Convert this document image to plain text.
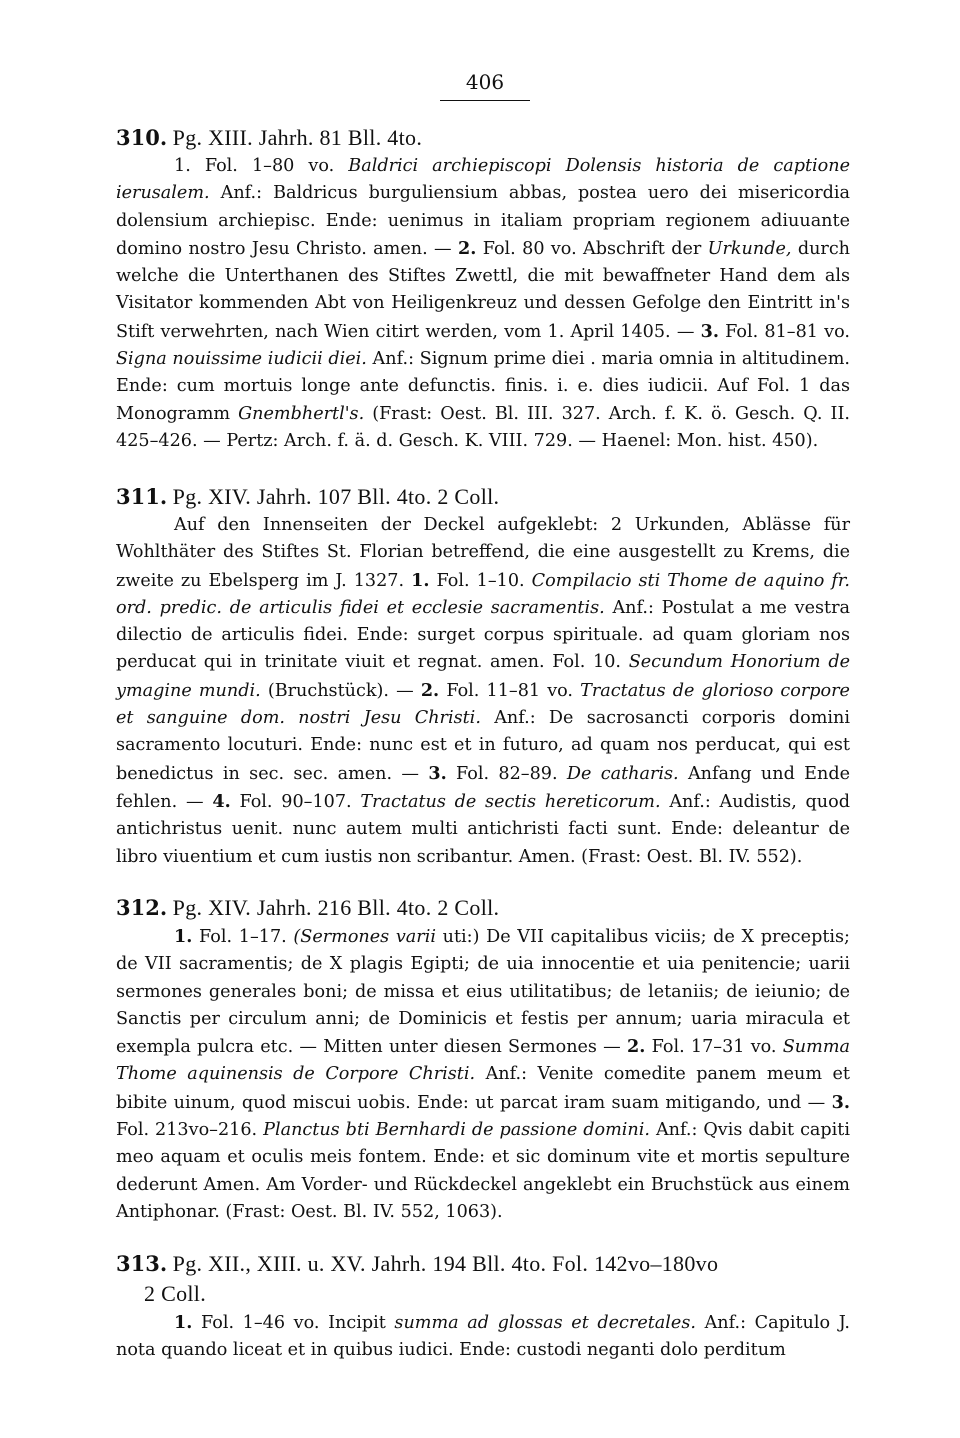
406

310. Pg. XIII. Jahrh. 81 Bll. 4to.

1. Fol. 1–80 vo. Baldrici archiepiscopi Dolensis historia de captione ierusalem. Anf.: Baldricus burguliensium abbas, postea uero dei misericordia dolensium archiepisc. Ende: uenimus in italiam propriam regionem adiuuante domino nostro Jesu Christo. amen. — 2. Fol. 80 vo. Abschrift der Urkunde, durch welche die Unterthanen des Stiftes Zwettl, die mit bewaffneter Hand dem als Visitator kommenden Abt von Heiligenkreuz und dessen Gefolge den Eintritt in's Stift verwehrten, nach Wien citirt werden, vom 1. April 1405. — 3. Fol. 81–81 vo. Signa nouissime iudicii diei. Anf.: Signum prime diei . maria omnia in altitudinem. Ende: cum mortuis longe ante defunctis. finis. i. e. dies iudicii. Auf Fol. 1 das Monogramm Gnembhertl's. (Frast: Oest. Bl. III. 327. Arch. f. K. ö. Gesch. Q. II. 425–426. — Pertz: Arch. f. ä. d. Gesch. K. VIII. 729. — Haenel: Mon. hist. 450).

311. Pg. XIV. Jahrh. 107 Bll. 4to. 2 Coll.

Auf den Innenseiten der Deckel aufgeklebt: 2 Urkunden, Ablässe für Wohlthäter des Stiftes St. Florian betreffend, die eine ausgestellt zu Krems, die zweite zu Ebelsperg im J. 1327. 1. Fol. 1–10. Compilacio sti Thome de aquino fr. ord. predic. de articulis fidei et ecclesie sacramentis. Anf.: Postulat a me vestra dilectio de articulis fidei. Ende: surget corpus spirituale. ad quam gloriam nos perducat qui in trinitate viuit et regnat. amen. Fol. 10. Secundum Honorium de ymagine mundi. (Bruchstück). — 2. Fol. 11–81 vo. Tractatus de glorioso corpore et sanguine dom. nostri Jesu Christi. Anf.: De sacrosancti corporis domini sacramento locuturi. Ende: nunc est et in futuro, ad quam nos perducat, qui est benedictus in sec. sec. amen. — 3. Fol. 82–89. De catharis. Anfang und Ende fehlen. — 4. Fol. 90–107. Tractatus de sectis hereticorum. Anf.: Audistis, quod antichristus uenit. nunc autem multi antichristi facti sunt. Ende: deleantur de libro viuentium et cum iustis non scribantur. Amen. (Frast: Oest. Bl. IV. 552).

312. Pg. XIV. Jahrh. 216 Bll. 4to. 2 Coll.

1. Fol. 1–17. (Sermones varii uti:) De VII capitalibus viciis; de X preceptis; de VII sacramentis; de X plagis Egipti; de uia innocentie et uia penitencie; uarii sermones generales boni; de missa et eius utilitatibus; de letaniis; de ieiunio; de Sanctis per circulum anni; de Dominicis et festis per annum; uaria miracula et exempla pulcra etc. — Mitten unter diesen Sermones — 2. Fol. 17–31 vo. Summa Thome aquinensis de Corpore Christi. Anf.: Venite comedite panem meum et bibite uinum, quod miscui uobis. Ende: ut parcat iram suam mitigando, und — 3. Fol. 213vo–216. Planctus bti Bernhardi de passione domini. Anf.: Qvis dabit capiti meo aquam et oculis meis fontem. Ende: et sic dominum vite et mortis sepulture dederunt Amen. Am Vorder- und Rückdeckel angeklebt ein Bruchstück aus einem Antiphonar. (Frast: Oest. Bl. IV. 552, 1063).

313. Pg. XII., XIII. u. XV. Jahrh. 194 Bll. 4to. Fol. 142vo–180vo

2 Coll.

1. Fol. 1–46 vo. Incipit summa ad glossas et decretales. Anf.: Capitulo J. nota quando liceat et in quibus iudici. Ende: custodi neganti dolo perditum
